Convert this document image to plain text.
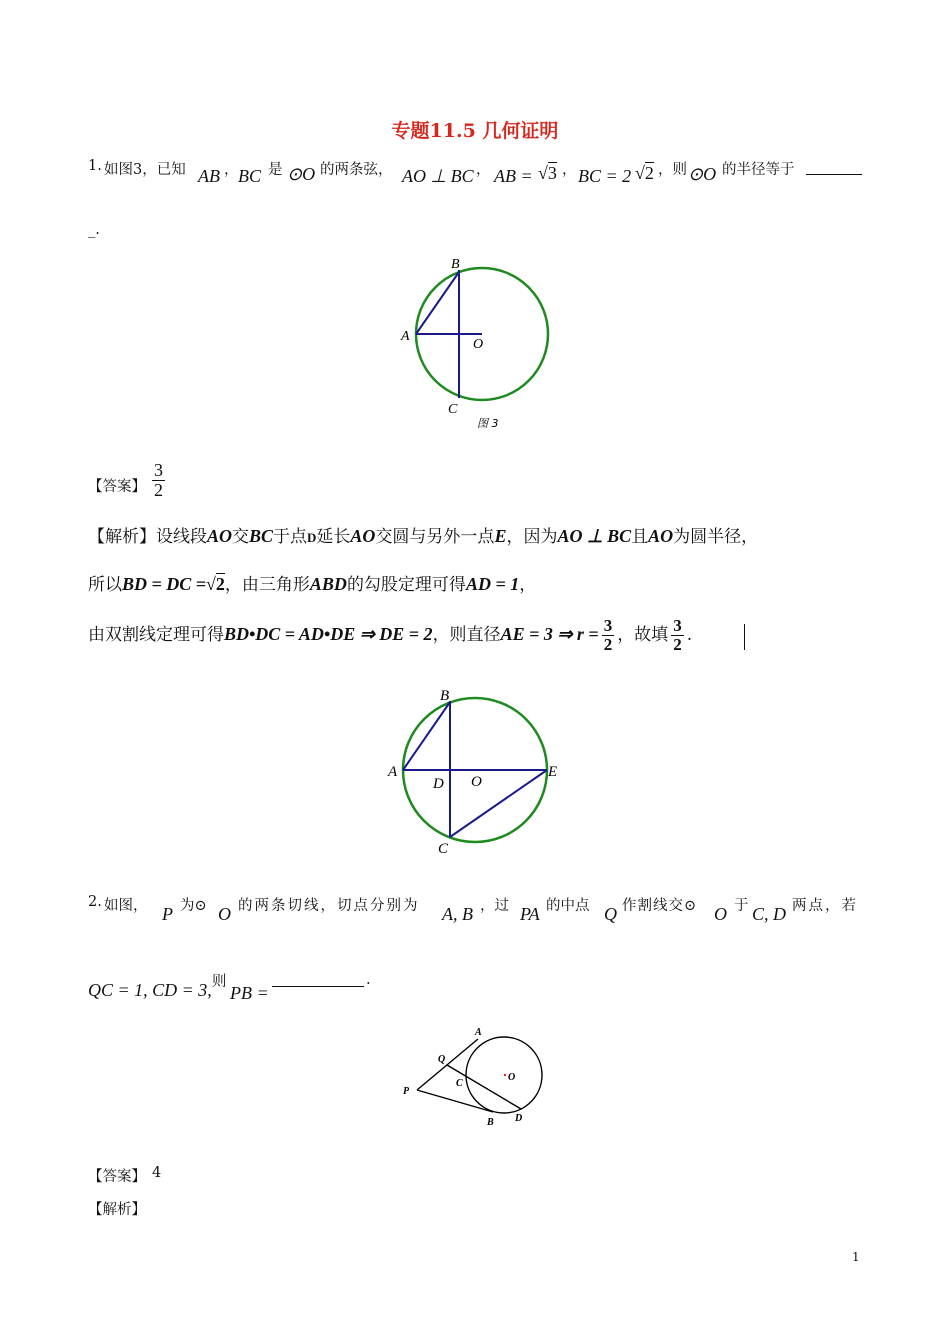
专题11.5 几何证明
1. 如图3，已知 AB ， BC 是 ⊙O 的两条弦， AO ⊥ BC ， AB = √3 ， BC = 2 √2 ，则 ⊙O 的半径等于
_.
B
A
O
C
图 3
【答案】 $\frac{3}{2}$
【解析】设线段AO交BC于点D延长AO交圆与另外一点E，因为AO ⊥ BC且AO为圆半径，
所以BD = DC =√2，由三角形ABD的勾股定理可得AD = 1，
由双割线定理可得BD•DC = AD•DE ⇒ DE = 2，则直径AE = 3 ⇒ $r = \frac{3}{2}$ ，故填 $\frac{3}{2}$ .
B
A
D O
E
C
2. 如图， P 为⊙ O 的两条切线，切点分别为 A, B ，过 PA 的中点 Q 作割线交⊙ O 于 C, D 两点，若
QC = 1, CD = 3, 则
PB =
.
A
Q
O
C
P
B D
【答案】 4
【解析】
1
